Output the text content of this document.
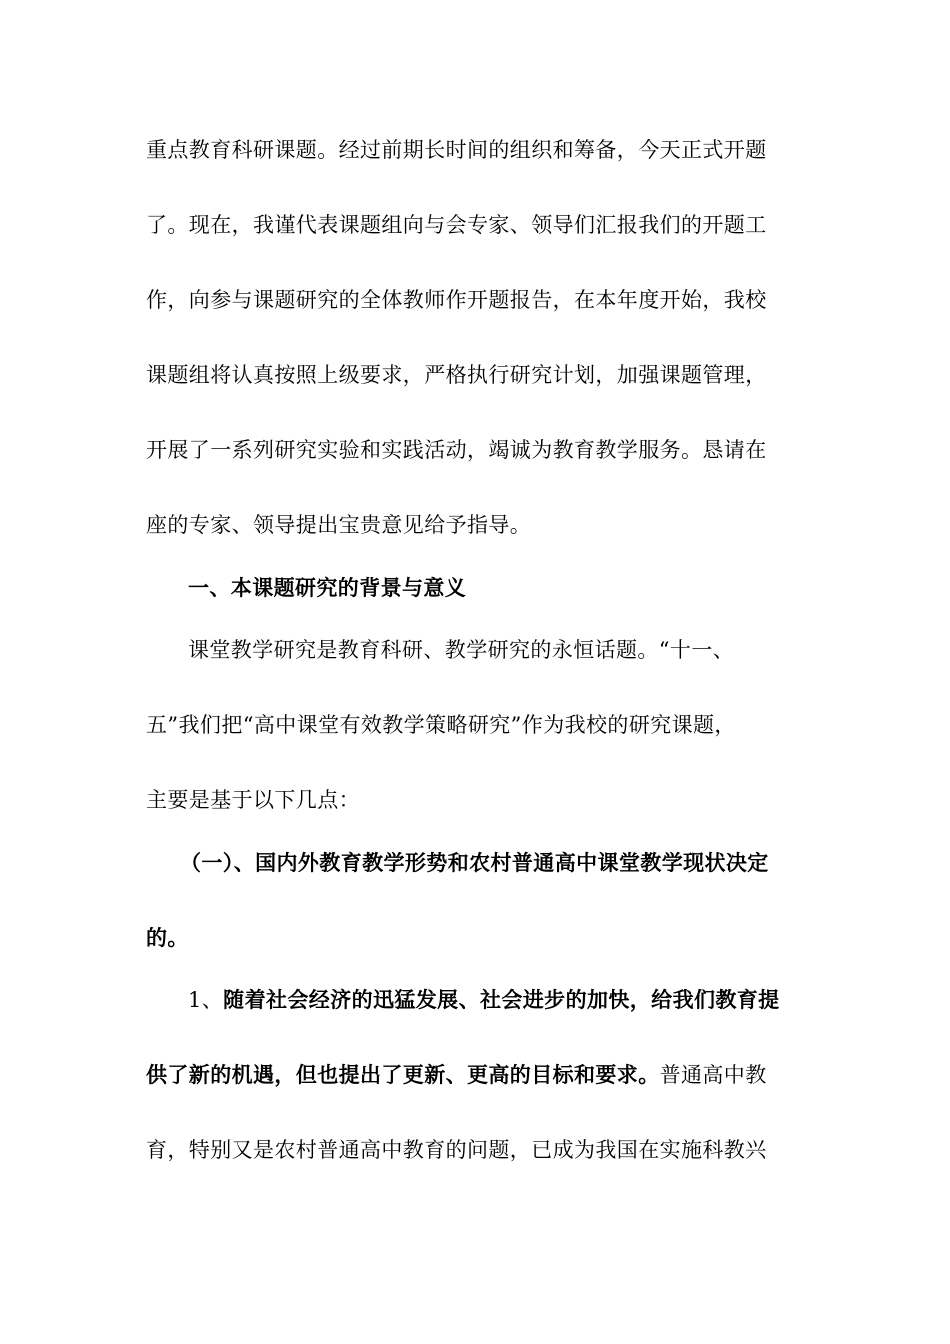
重点教育科研课题。经过前期长时间的组织和筹备，今天正式开题
了。现在，我谨代表课题组向与会专家、领导们汇报我们的开题工
作，向参与课题研究的全体教师作开题报告，在本年度开始，我校
课题组将认真按照上级要求，严格执行研究计划，加强课题管理，
开展了一系列研究实验和实践活动，竭诚为教育教学服务。恳请在
座的专家、领导提出宝贵意见给予指导。
一、本课题研究的背景与意义
课堂教学研究是教育科研、教学研究的永恒话题。“十一、
五”我们把“高中课堂有效教学策略研究”作为我校的研究课题，
主要是基于以下几点：
（一）、国内外教育教学形势和农村普通高中课堂教学现状决定
的。
1、随着社会经济的迅猛发展、社会进步的加快，给我们教育提
供了新的机遇，但也提出了更新、更高的目标和要求。普通高中教
育，特别又是农村普通高中教育的问题，已成为我国在实施科教兴
